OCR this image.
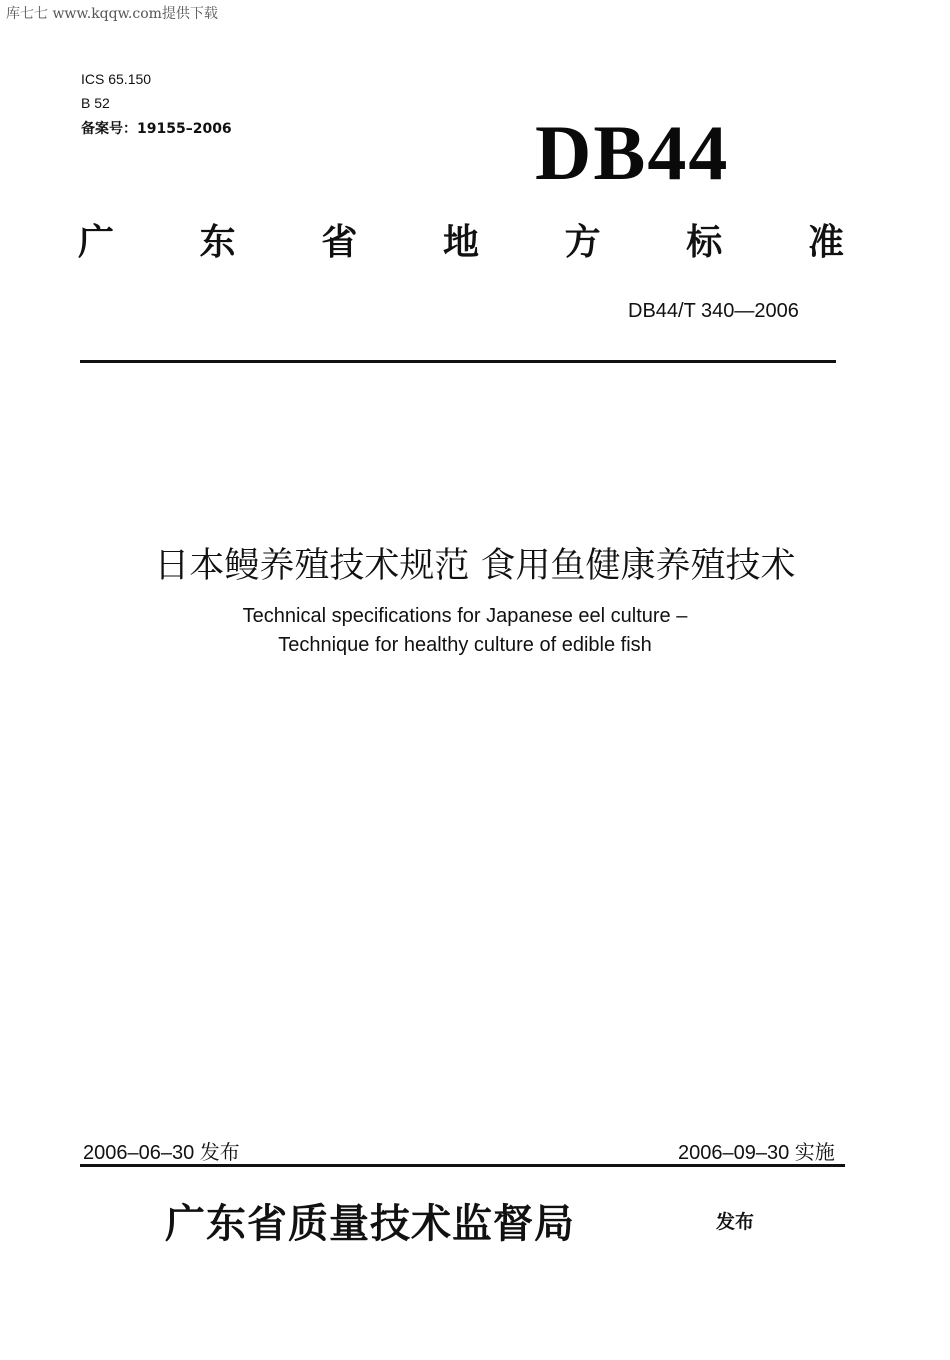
库七七 www.kqqw.com提供下载
ICS 65.150
B 52
备案号：19155–2006	DB44
广 东 省 地 方 标 准
DB44/T 340—2006
日本鳗养殖技术规范 食用鱼健康养殖技术
Technical specifications for Japanese eel culture –
Technique for healthy culture of edible fish
2006–06–30 发布	2006–09–30 实施
广东省质量技术监督局	发布
